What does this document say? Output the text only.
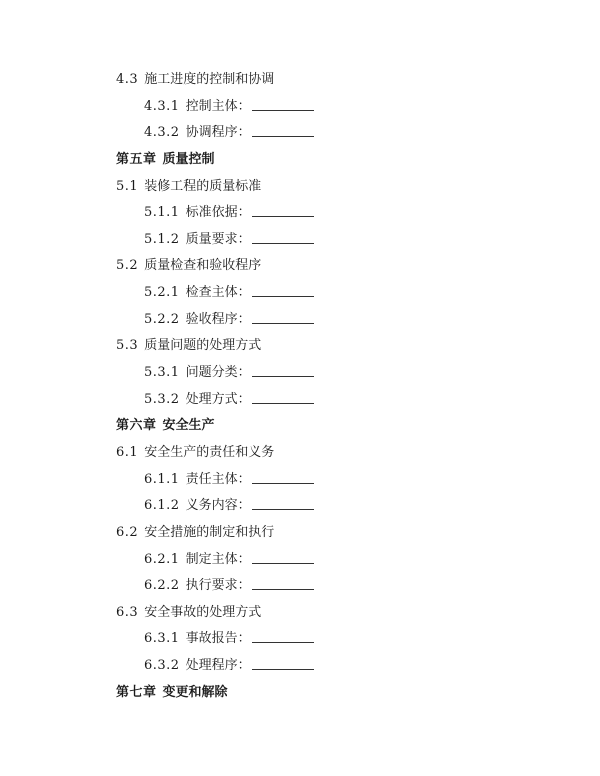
4.3 施工进度的控制和协调
4.3.1 控制主体：
4.3.2 协调程序：
第五章 质量控制
5.1 装修工程的质量标准
5.1.1 标准依据：
5.1.2 质量要求：
5.2 质量检查和验收程序
5.2.1 检查主体：
5.2.2 验收程序：
5.3 质量问题的处理方式
5.3.1 问题分类：
5.3.2 处理方式：
第六章 安全生产
6.1 安全生产的责任和义务
6.1.1 责任主体：
6.1.2 义务内容：
6.2 安全措施的制定和执行
6.2.1 制定主体：
6.2.2 执行要求：
6.3 安全事故的处理方式
6.3.1 事故报告：
6.3.2 处理程序：
第七章 变更和解除
